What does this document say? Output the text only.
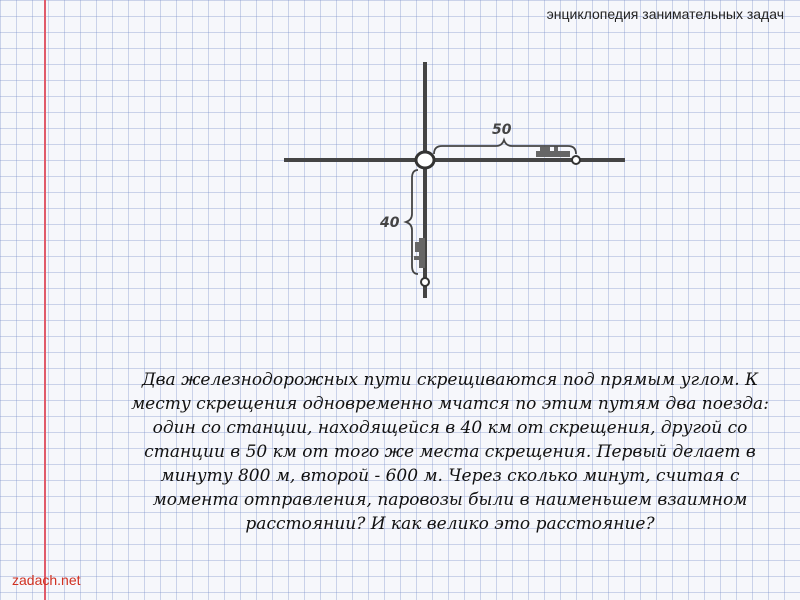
энциклопедия занимательных задач
50
40
Два железнодорожных пути скрещиваются под прямым углом. К месту скрещения одновременно мчатся по этим путям два поезда: один со станции, находящейся в 40 км от скрещения, другой со станции в 50 км от того же места скрещения. Первый делает в минуту 800 м, второй - 600 м. Через сколько минут, считая с момента отправления, паровозы были в наименьшем взаимном расстоянии? И как велико это расстояние?
zadach.net
